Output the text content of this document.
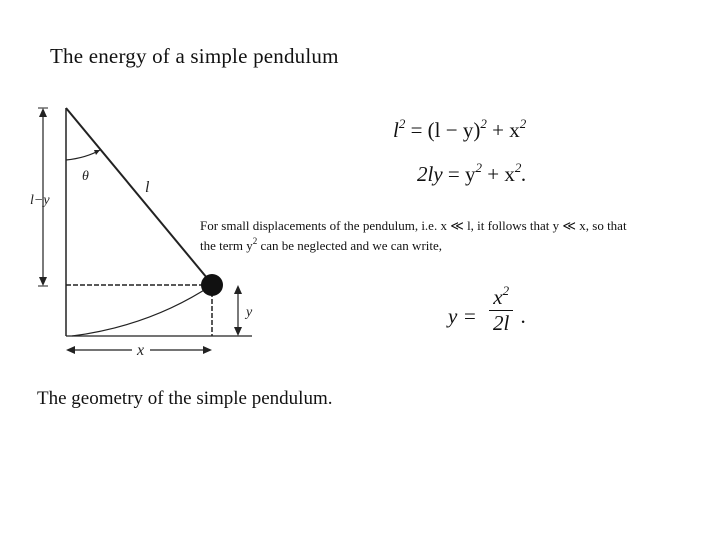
The energy of a simple pendulum
θ
l
l−y
y
x
$l^2 = (l - y)^2 + x^2$
$2ly = y^2 + x^2$.
For small displacements of the pendulum, i.e. x ≪ l, it follows that y ≪ x, so that
the term $y^2$ can be neglected and we can write,
$y = \frac{x^2}{2l}$ .
The geometry of the simple pendulum.
